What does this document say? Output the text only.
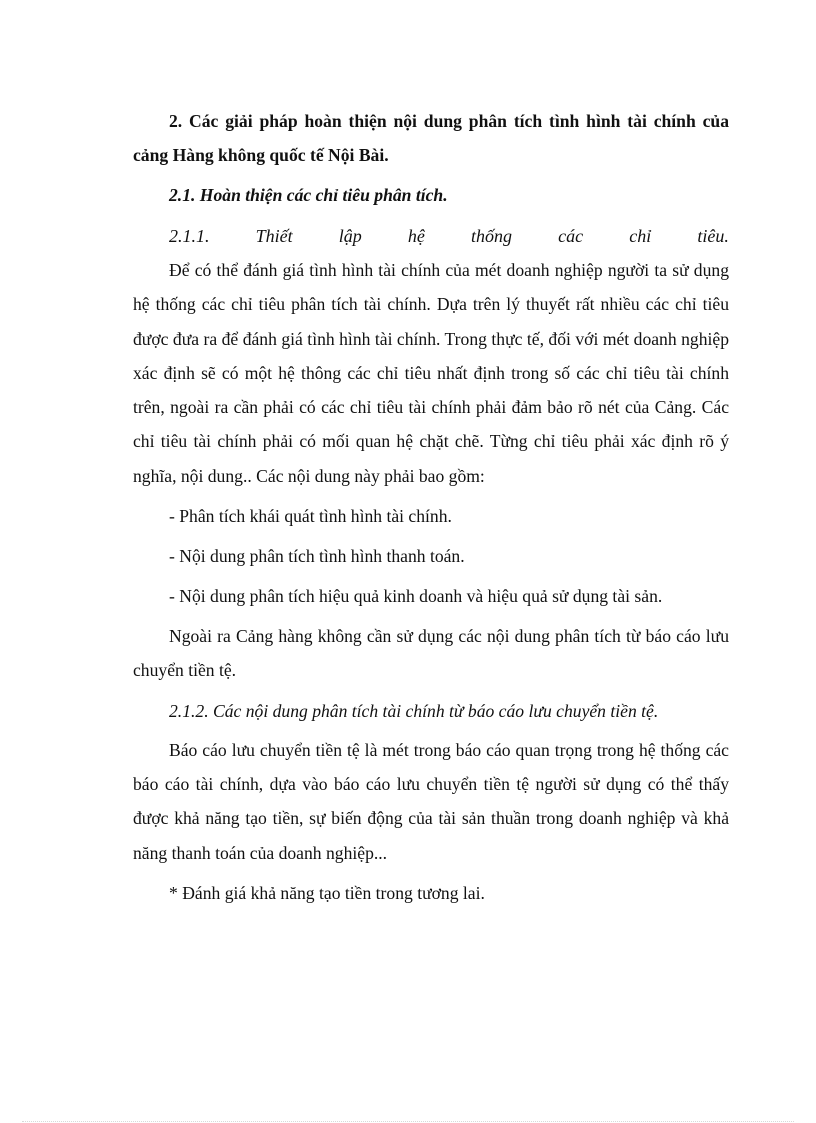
2. Các giải pháp hoàn thiện nội dung phân tích tình hình tài chính của cảng Hàng không quốc tế Nội Bài.

2.1. Hoàn thiện các chỉ tiêu phân tích.

2.1.1.	Thiết	lập	hệ	thống	các	chỉ	tiêu.

Để có thể đánh giá tình hình tài chính của mét doanh nghiệp người ta sử dụng hệ thống các chỉ tiêu phân tích tài chính. Dựa trên lý thuyết rất nhiều các chỉ tiêu được đưa ra để đánh giá tình hình tài chính. Trong thực tế, đối với mét doanh nghiệp xác định sẽ có một hệ thông các chỉ tiêu nhất định trong số các chỉ tiêu tài chính trên, ngoài ra cần phải có các chỉ tiêu tài chính phải đảm bảo rõ nét của Cảng. Các chỉ tiêu tài chính phải có mối quan hệ chặt chẽ. Từng chỉ tiêu phải xác định rõ ý nghĩa, nội dung.. Các nội dung này phải bao gồm:

- Phân tích khái quát tình hình tài chính.

- Nội dung phân tích tình hình thanh toán.

- Nội dung phân tích hiệu quả kinh doanh và hiệu quả sử dụng tài sản.

Ngoài ra Cảng hàng không cần sử dụng các nội dung phân tích từ báo cáo lưu chuyển tiền tệ.

2.1.2. Các nội dung phân tích tài chính từ báo cáo lưu chuyển tiền tệ.

Báo cáo lưu chuyển tiền tệ là mét trong báo cáo quan trọng trong hệ thống các báo cáo tài chính, dựa vào báo cáo lưu chuyển tiền tệ người sử dụng có thể thấy được khả năng tạo tiền, sự biến động của tài sản thuần trong doanh nghiệp và khả năng thanh toán của doanh nghiệp...

* Đánh giá khả năng tạo tiền trong tương lai.
